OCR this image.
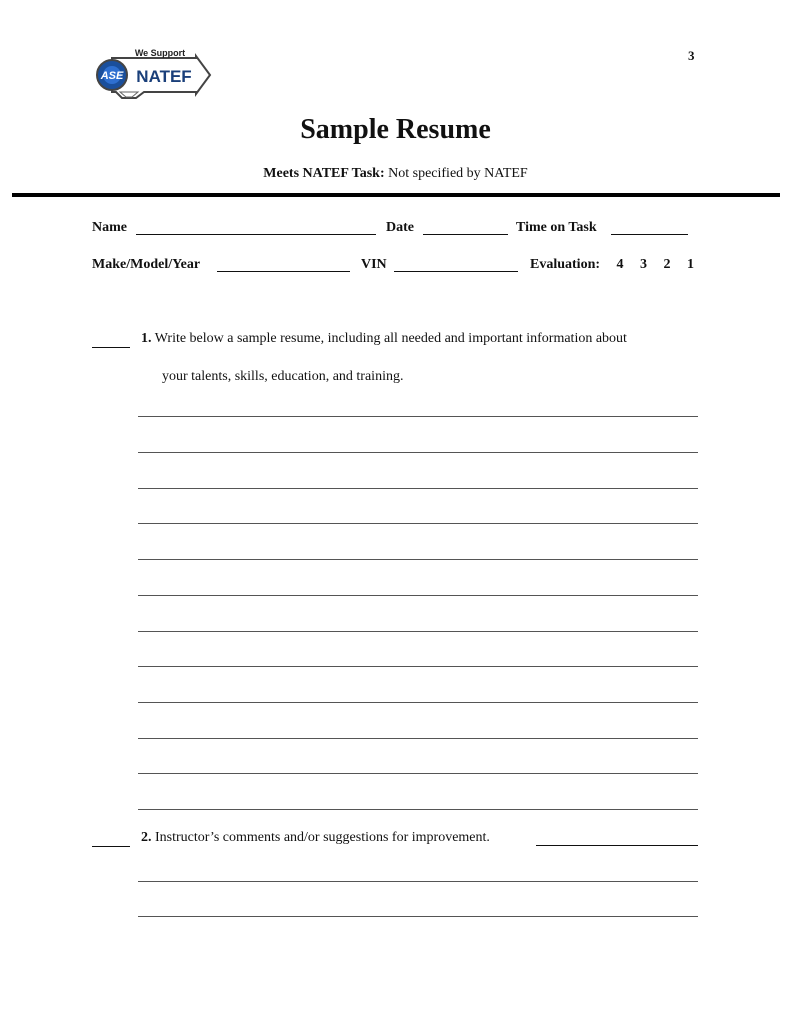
ASE
We Support
NATEF
3
Sample Resume
Meets NATEF Task: Not specified by NATEF
Name	Date	Time on Task
Make/Model/Year	VIN	Evaluation: 4 3 2 1
1. Write below a sample resume, including all needed and important information about
your talents, skills, education, and training.
2. Instructor’s comments and/or suggestions for improvement.
